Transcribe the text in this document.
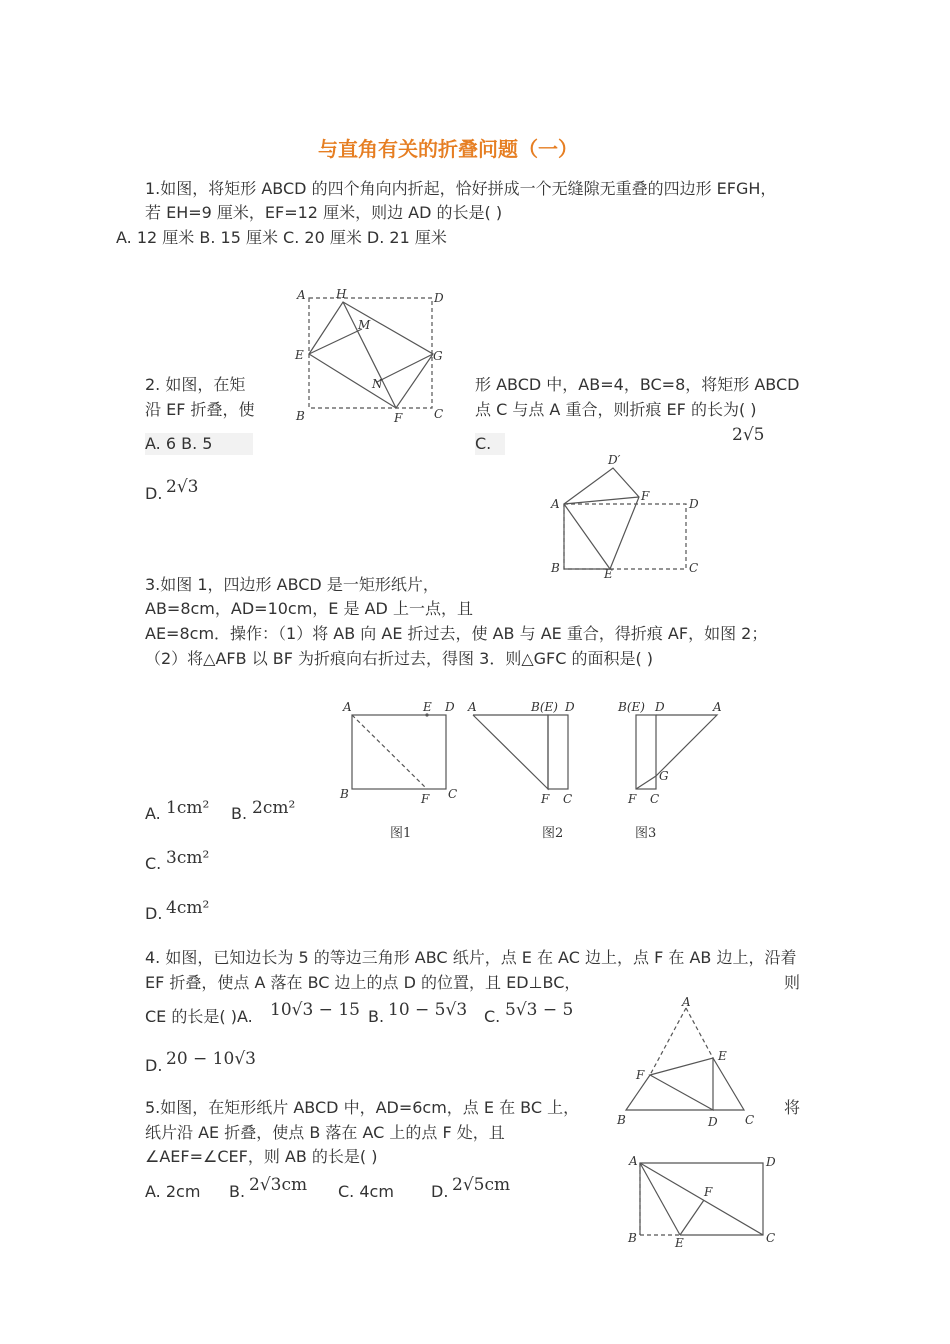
与直角有关的折叠问题（一）
1.如图，将矩形 ABCD 的四个角向内折起，恰好拼成一个无缝隙无重叠的四边形 EFGH，
若 EH=9 厘米，EF=12 厘米，则边 AD 的长是( )
A. 12 厘米 B. 15 厘米 C. 20 厘米 D. 21 厘米
A	H	D
M
E	G
N
B	F	C
2. 如图，在矩	形 ABCD 中，AB=4，BC=8，将矩形 ABCD
沿 EF 折叠，使	点 C 与点 A 重合，则折痕 EF 的长为( )
A. 6 B. 5	C.	2√5
D. 2√3
D′
A
F
D
B	E	C
3.如图 1，四边形 ABCD 是一矩形纸片，
AB=8cm，AD=10cm，E 是 AD 上一点，且
AE=8cm．操作：（1）将 AB 向 AE 折过去，使 AB 与 AE 重合，得折痕 AF，如图 2；
（2）将△AFB 以 BF 为折痕向右折过去，得图 3．则△GFC 的面积是( )
A	E D
B	F C
图1
A	B(E) D
F C
图2
B(E) D	A
G
F C
图3
A. 1cm² B. 2cm²
C. 3cm²
D. 4cm²
4. 如图，已知边长为 5 的等边三角形 ABC 纸片，点 E 在 AC 边上，点 F 在 AB 边上，沿着
EF 折叠，使点 A 落在 BC 边上的点 D 的位置，且 ED⊥BC，	则
CE 的长是( )A. 10√3 − 15 B. 10 − 5√3 C. 5√3 − 5
D. 20 − 10√3
A
E
F
B	D C
5.如图，在矩形纸片 ABCD 中，AD=6cm，点 E 在 BC 上，	将
纸片沿 AE 折叠，使点 B 落在 AC 上的点 F 处，且
∠AEF=∠CEF，则 AB 的长是( )
A. 2cm B. 2√3cm C. 4cm D. 2√5cm
A	D
F
B	E	C
